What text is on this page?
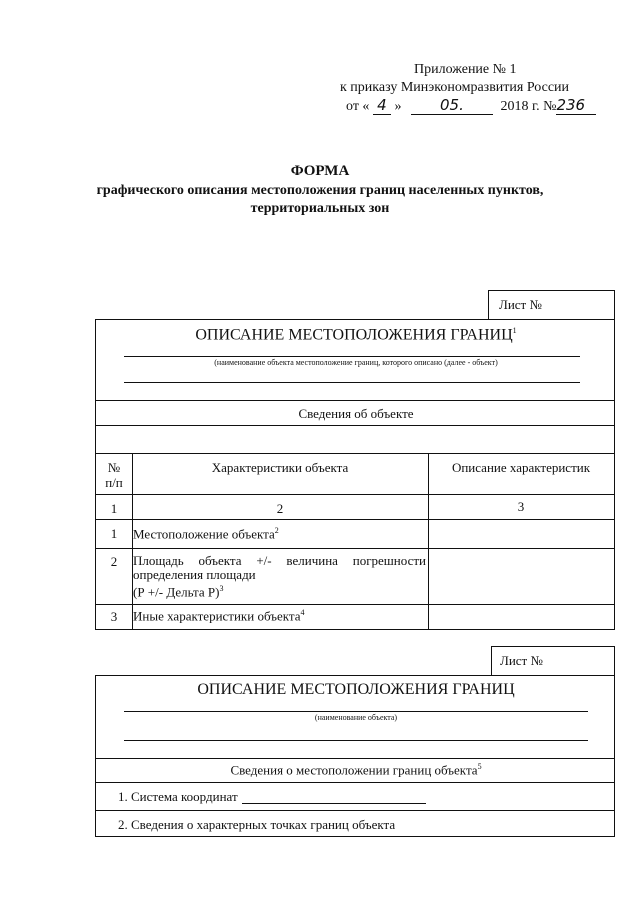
Приложение № 1
к приказу Минэкономразвития России
от « 4 »	05.	2018 г. №236
ФОРМА
графического описания местоположения границ населенных пунктов,
территориальных зон
Лист №
ОПИСАНИЕ МЕСТОПОЛОЖЕНИЯ ГРАНИЦ$^1$
(наименование объекта местоположение границ, которого описано (далее - объект)
Сведения об объекте
№
п/п
Характеристики объекта	Описание характеристик
1	2	3
1	Местоположение объекта$^2$
2	Площадь объекта +/- величина погрешности
определения площади
(Р +/- Дельта Р)$^3$
3	Иные характеристики объекта$^4$
Лист №
ОПИСАНИЕ МЕСТОПОЛОЖЕНИЯ ГРАНИЦ
(наименование объекта)
Сведения о местоположении границ объекта$^5$
1. Система координат
2. Сведения о характерных точках границ объекта
